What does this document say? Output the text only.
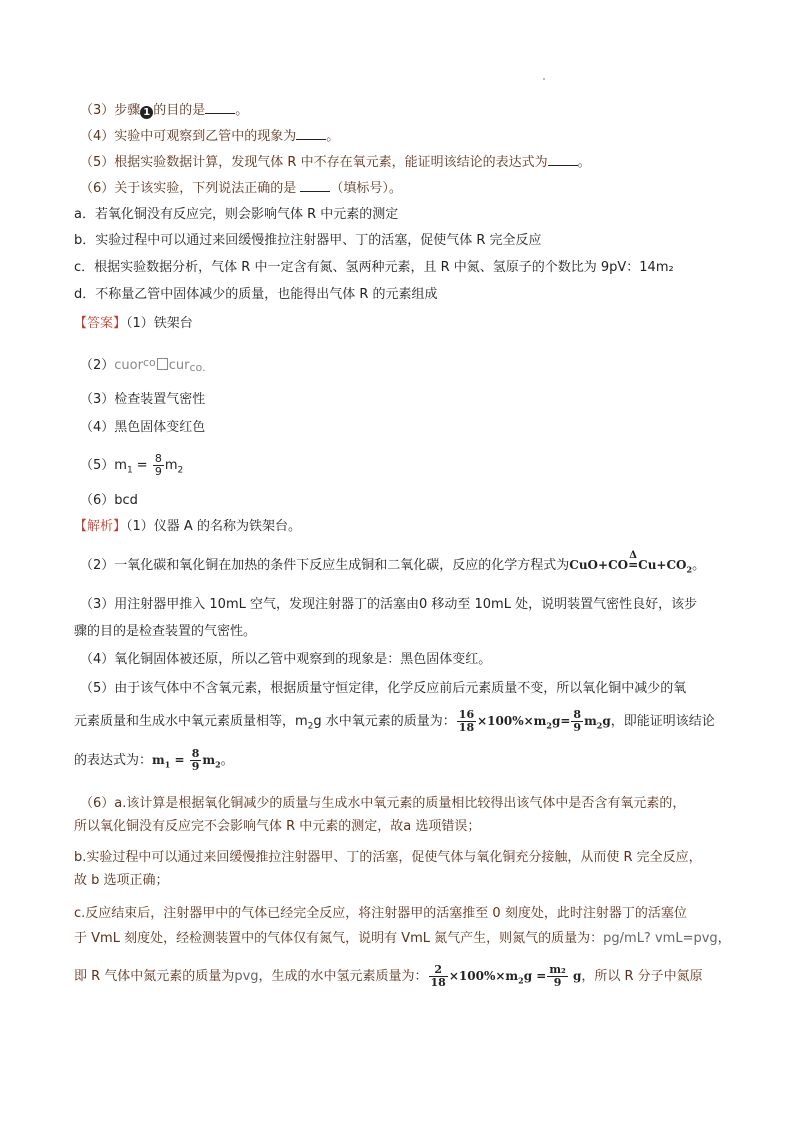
（3）步骤 1 的目的是 。
（4）实验中可观察到乙管中的现象为 。
（5）根据实验数据计算，发现气体 R 中不存在氧元素，能证明该结论的表达式为 。
（6）关于该实验，下列说法正确的是 （填标号）。
a．若氧化铜没有反应完，则会影响气体 R 中元素的测定
b．实验过程中可以通过来回缓慢推拉注射器甲、丁的活塞，促使气体 R 完全反应
c．根据实验数据分析，气体 R 中一定含有氮、氢两种元素，且 R 中氮、氢原子的个数比为 9pV：14m₂
d．不称量乙管中固体减少的质量，也能得出气体 R 的元素组成
【答案】（1）铁架台
（2）cuor$^{co}$ curco.
（3）检查装置气密性
（4）黑色固体变红色
$(5)m_1 = \frac{8}{9} m_2$
（6）bcd
【解析】（1）仪器 A 的名称为铁架台。
（2）一氧化碳和氧化铜在加热的条件下反应生成铜和二氧化碳，反应的化学方程式为CuO+CO
Δ
$=Cu+CO_2$。
（3）用注射器甲推入 10mL 空气，发现注射器丁的活塞由0 移动至 10mL 处，说明装置气密性良好，该步
骤的目的是检查装置的气密性。
（4）氧化铜固体被还原，所以乙管中观察到的现象是：黑色固体变红。
（5）由于该气体中不含氧元素，根据质量守恒定律，化学反应前后元素质量不变，所以氧化铜中减少的氧
元素质量和生成水中氧元素质量相等，$m_2g$ 水中氧元素的质量为： $\frac{16}{18} \times 100\%\times m_2g= \frac{8}{9} m_2g$，即能证明该结论
的表达式为：$m_1 = \frac{8}{9} m_2$。
（6）a.该计算是根据氧化铜减少的质量与生成水中氧元素的质量相比较得出该气体中是否含有氧元素的，
所以氧化铜没有反应完不会影响气体 R 中元素的测定，故a 选项错误；
b.实验过程中可以通过来回缓慢推拉注射器甲、丁的活塞，促使气体与氧化铜充分接触，从而使 R 完全反应，
故 b 选项正确；
c.反应结束后，注射器甲中的气体已经完全反应，将注射器甲的活塞推至 0 刻度处，此时注射器丁的活塞位
于 VmL 刻度处，经检测装置中的气体仅有氮气，说明有 VmL 氮气产生，则氮气的质量为：pg/mL? vmL=pvg，
即 R 气体中氮元素的质量为pvg，生成的水中氢元素质量为： $\frac{2}{18} \times 100\%\times m_2g = \frac{\text{m₂}}{9}$ g，所以 R 分子中氮原
